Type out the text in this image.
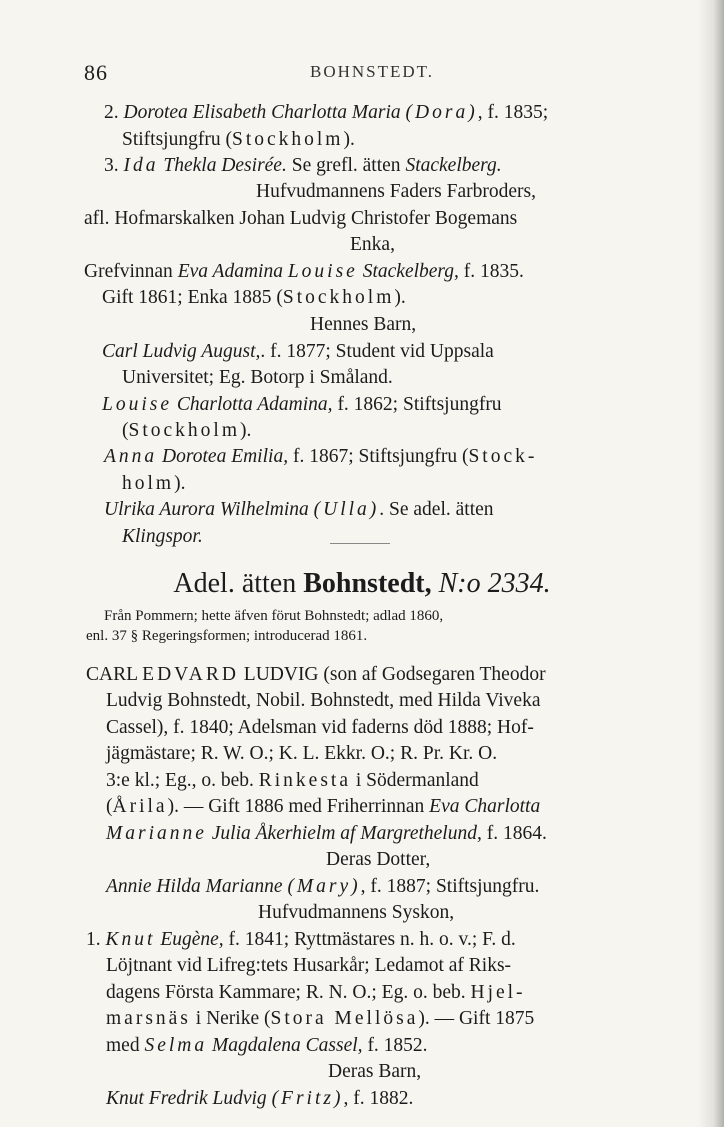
86	BOHNSTEDT.
2. Dorotea Elisabeth Charlotta Maria (Dora), f. 1835;
Stiftsjungfru (Stockholm).
3. Ida Thekla Desirée. Se grefl. ätten Stackelberg.
Hufvudmannens Faders Farbroders,
afl. Hofmarskalken Johan Ludvig Christofer Bogemans
Enka,
Grefvinnan Eva Adamina Louise Stackelberg, f. 1835.
Gift 1861; Enka 1885 (Stockholm).
Hennes Barn,
Carl Ludvig August,. f. 1877; Student vid Uppsala
Universitet; Eg. Botorp i Småland.
Louise Charlotta Adamina, f. 1862; Stiftsjungfru
(Stockholm).
Anna Dorotea Emilia, f. 1867; Stiftsjungfru (Stock-
holm).
Ulrika Aurora Wilhelmina (Ulla). Se adel. ätten
Klingspor.
Adel. ätten Bohnstedt, N:o 2334.
Från Pommern; hette äfven förut Bohnstedt; adlad 1860,
enl. 37 § Regeringsformen; introducerad 1861.
CARL EDVARD LUDVIG (son af Godsegaren Theodor
Ludvig Bohnstedt, Nobil. Bohnstedt, med Hilda Viveka
Cassel), f. 1840; Adelsman vid faderns död 1888; Hof-
jägmästare; R. W. O.; K. L. Ekkr. O.; R. Pr. Kr. O.
3:e kl.; Eg., o. beb. Rinkesta i Södermanland
(Årila). — Gift 1886 med Friherrinnan Eva Charlotta
Marianne Julia Åkerhielm af Margrethelund, f. 1864.
Deras Dotter,
Annie Hilda Marianne (Mary), f. 1887; Stiftsjungfru.
Hufvudmannens Syskon,
1. Knut Eugène, f. 1841; Ryttmästares n. h. o. v.; F. d.
Löjtnant vid Lifreg:tets Husarkår; Ledamot af Riks-
dagens Första Kammare; R. N. O.; Eg. o. beb. Hjel-
marsnäs i Nerike (Stora Mellösa). — Gift 1875
med Selma Magdalena Cassel, f. 1852.
Deras Barn,
Knut Fredrik Ludvig (Fritz), f. 1882.
